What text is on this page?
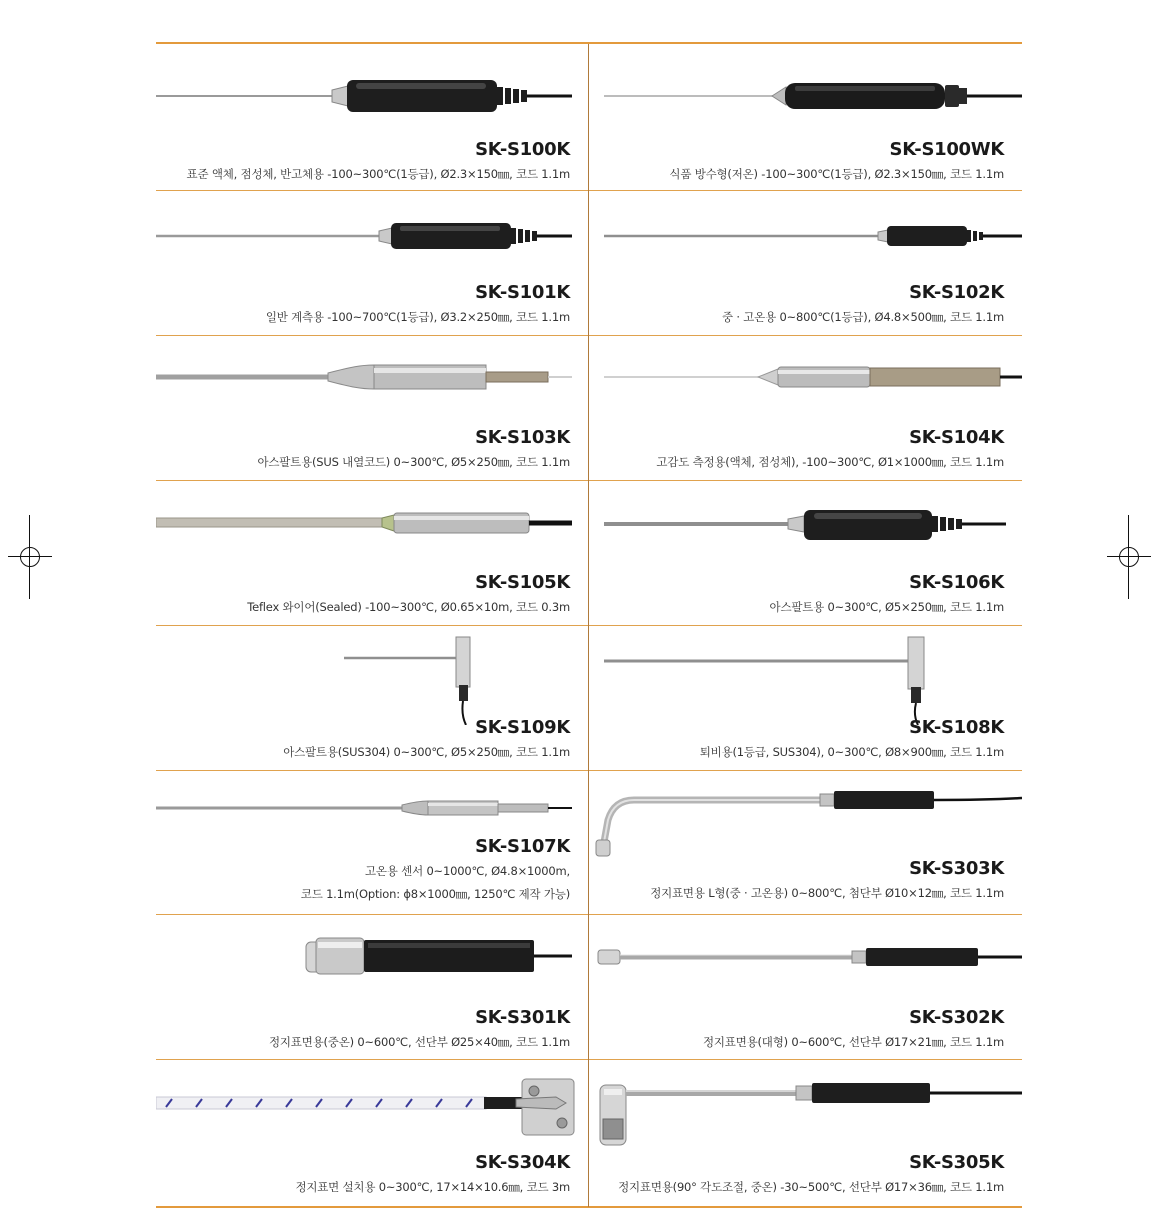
SK-S100K
표준 액체, 점성체, 반고체용 -100~300℃(1등급), Ø2.3×150㎜, 코드 1.1m
SK-S100WK
식품 방수형(저온) -100~300℃(1등급), Ø2.3×150㎜, 코드 1.1m
SK-S101K
일반 계측용 -100~700℃(1등급), Ø3.2×250㎜, 코드 1.1m
SK-S102K
중 · 고온용 0~800℃(1등급), Ø4.8×500㎜, 코드 1.1m
SK-S103K
아스팔트용(SUS 내열코드) 0~300℃, Ø5×250㎜, 코드 1.1m
SK-S104K
고감도 측정용(액체, 점성체), -100~300℃, Ø1×1000㎜, 코드 1.1m
SK-S105K
Teflex 와이어(Sealed) -100~300℃, Ø0.65×10m, 코드 0.3m
SK-S106K
아스팔트용 0~300℃, Ø5×250㎜, 코드 1.1m
SK-S109K
아스팔트용(SUS304) 0~300℃, Ø5×250㎜, 코드 1.1m
SK-S108K
퇴비용(1등급, SUS304), 0~300℃, Ø8×900㎜, 코드 1.1m
SK-S107K
고온용 센서 0~1000℃, Ø4.8×1000m,
코드 1.1m(Option: ϕ8×1000㎜, 1250℃ 제작 가능)
SK-S303K
정지표면용 L형(중 · 고온용) 0~800℃, 첨단부 Ø10×12㎜, 코드 1.1m
SK-S301K
정지표면용(중온) 0~600℃, 선단부 Ø25×40㎜, 코드 1.1m
SK-S302K
정지표면용(대형) 0~600℃, 선단부 Ø17×21㎜, 코드 1.1m
SK-S304K
정지표면 설치용 0~300℃, 17×14×10.6㎜, 코드 3m
SK-S305K
정지표면용(90° 각도조절, 중온) -30~500℃, 선단부 Ø17×36㎜, 코드 1.1m
